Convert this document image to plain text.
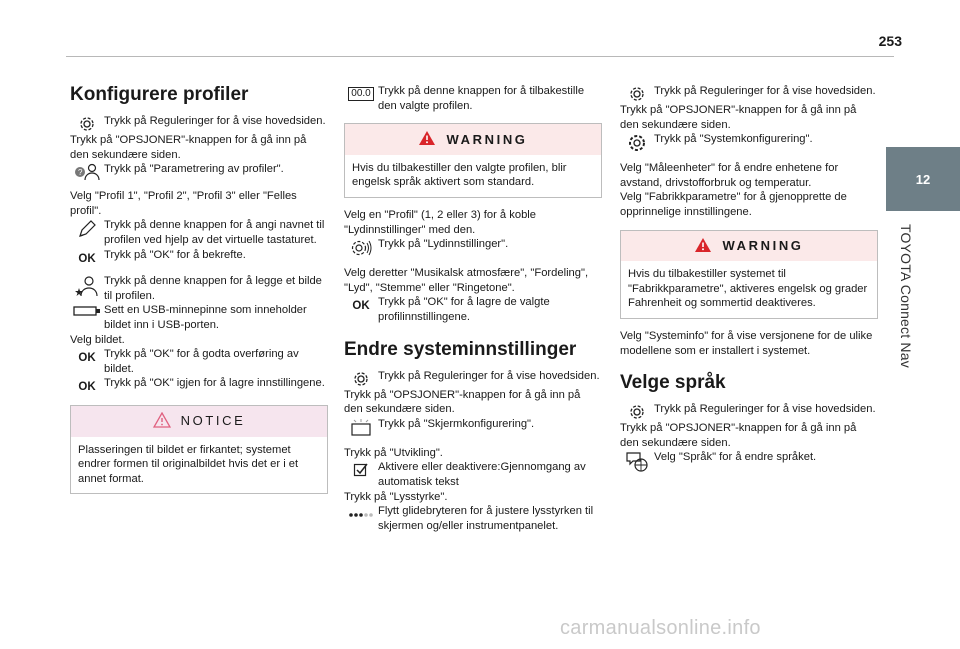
253
12
TOYOTA Connect Nav
Konfigurere profiler

Trykk på Reguleringer for å vise hovedsiden.

Trykk på "OPSJONER"-knappen for å gå inn på den sekundære siden.

? Trykk på "Parametrering av profiler".

Velg "Profil 1", "Profil 2", "Profil 3" eller "Felles profil".

Trykk på denne knappen for å angi navnet til profilen ved hjelp av det virtuelle tastaturet.

OK Trykk på "OK" for å bekrefte.

Trykk på denne knappen for å legge et bilde til profilen.

Sett en USB-minnepinne som inneholder bildet inn i USB-porten.

Velg bildet.

OK Trykk på "OK" for å godta overføring av bildet.

OK Trykk på "OK" igjen for å lagre innstillingene.

NOTICE
Plasseringen til bildet er firkantet; systemet endrer formen til originalbildet hvis det er i et annet format.
00.0 Trykk på denne knappen for å tilbakestille den valgte profilen.

WARNING
Hvis du tilbakestiller den valgte profilen, blir engelsk språk aktivert som standard.

Velg en "Profil" (1, 2 eller 3) for å koble "Lydinnstillinger" med den.

Trykk på "Lydinnstillinger".

Velg deretter "Musikalsk atmosfære", "Fordeling", "Lyd", "Stemme" eller "Ringetone".

OK Trykk på "OK" for å lagre de valgte profilinnstillingene.

Endre systeminnstillinger

Trykk på Reguleringer for å vise hovedsiden.

Trykk på "OPSJONER"-knappen for å gå inn på den sekundære siden.

Trykk på "Skjermkonfigurering".

Trykk på "Utvikling".

Aktivere eller deaktivere:Gjennomgang av automatisk tekst

Trykk på "Lysstyrke".

Flytt glidebryteren for å justere lysstyrken til skjermen og/eller instrumentpanelet.

Trykk på Reguleringer for å vise hovedsiden.

Trykk på "OPSJONER"-knappen for å gå inn på den sekundære siden.

Trykk på "Systemkonfigurering".

Velg "Måleenheter" for å endre enhetene for avstand, drivstofforbruk og temperatur.

Velg "Fabrikkparametre" for å gjenopprette de opprinnelige innstillingene.

WARNING
Hvis du tilbakestiller systemet til "Fabrikkparametre", aktiveres engelsk og grader Fahrenheit og sommertid deaktiveres.

Velg "Systeminfo" for å vise versjonene for de ulike modellene som er installert i systemet.

Velge språk

Trykk på Reguleringer for å vise hovedsiden.

Trykk på "OPSJONER"-knappen for å gå inn på den sekundære siden.

Velg "Språk" for å endre språket.

carmanualsonline.info
